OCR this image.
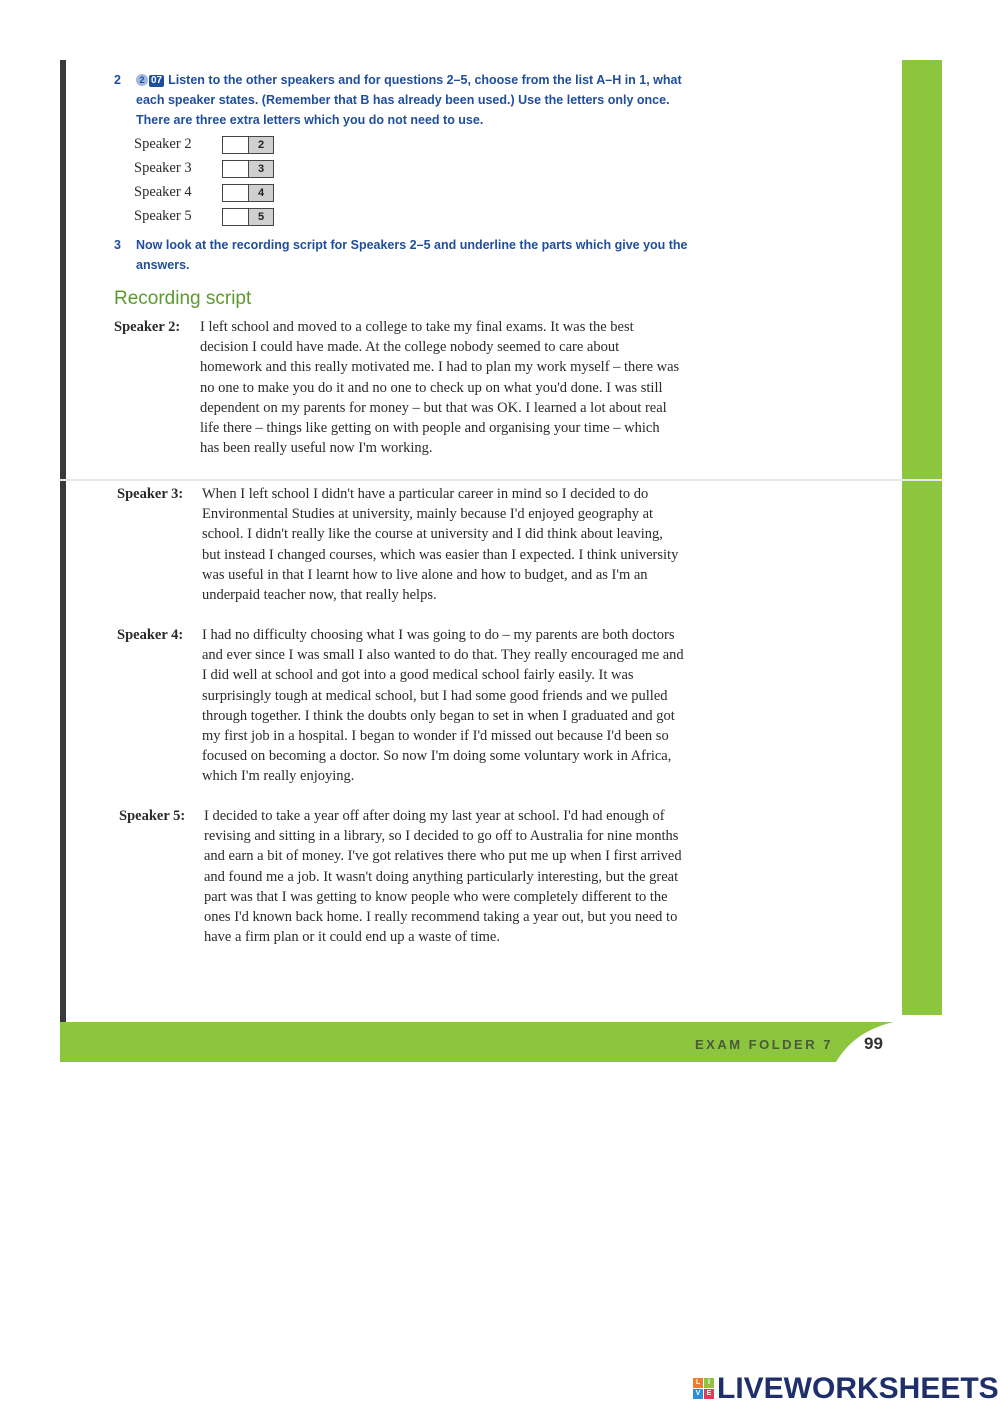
2	2 07 Listen to the other speakers and for questions 2–5, choose from the list A–H in 1, what each speaker states. (Remember that B has already been used.) Use the letters only once. There are three extra letters which you do not need to use.
Speaker 2	2
Speaker 3	3
Speaker 4	4
Speaker 5	5
3 Now look at the recording script for Speakers 2–5 and underline the parts which give you the answers.
Recording script
Speaker 2: I left school and moved to a college to take my final exams. It was the best decision I could have made. At the college nobody seemed to care about homework and this really motivated me. I had to plan my work myself – there was no one to make you do it and no one to check up on what you'd done. I was still dependent on my parents for money – but that was OK. I learned a lot about real life there – things like getting on with people and organising your time – which has been really useful now I'm working.
Speaker 3: When I left school I didn't have a particular career in mind so I decided to do Environmental Studies at university, mainly because I'd enjoyed geography at school. I didn't really like the course at university and I did think about leaving, but instead I changed courses, which was easier than I expected. I think university was useful in that I learnt how to live alone and how to budget, and as I'm an underpaid teacher now, that really helps.
Speaker 4: I had no difficulty choosing what I was going to do – my parents are both doctors and ever since I was small I also wanted to do that. They really encouraged me and I did well at school and got into a good medical school fairly easily. It was surprisingly tough at medical school, but I had some good friends and we pulled through together. I think the doubts only began to set in when I graduated and got my first job in a hospital. I began to wonder if I'd missed out because I'd been so focused on becoming a doctor. So now I'm doing some voluntary work in Africa, which I'm really enjoying.
Speaker 5: I decided to take a year off after doing my last year at school. I'd had enough of revising and sitting in a library, so I decided to go off to Australia for nine months and earn a bit of money. I've got relatives there who put me up when I first arrived and found me a job. It wasn't doing anything particularly interesting, but the great part was that I was getting to know people who were completely different to the ones I'd known back home. I really recommend taking a year out, but you need to have a firm plan or it could end up a waste of time.
EXAM FOLDER 7 99
L	I
V E LIVEWORKSHEETS
